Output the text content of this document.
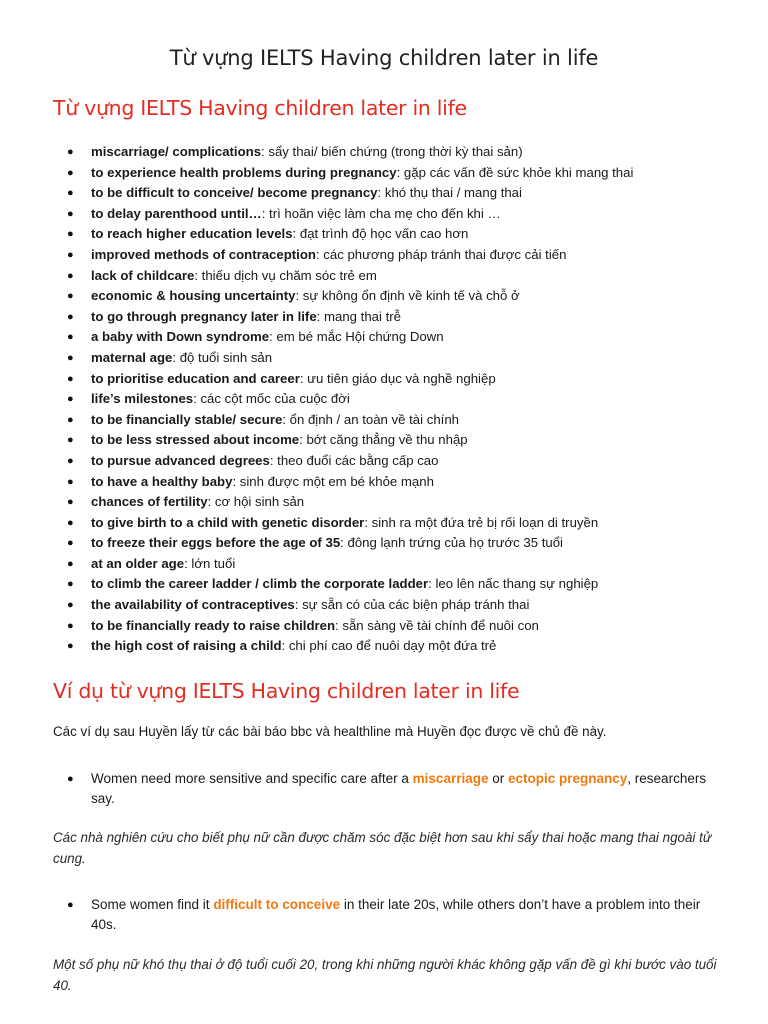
Từ vựng IELTS Having children later in life
Từ vựng IELTS Having children later in life
● miscarriage/ complications: sẩy thai/ biến chứng (trong thời kỳ thai sản)
● to experience health problems during pregnancy: gặp các vấn đề sức khỏe khi mang thai
● to be difficult to conceive/ become pregnancy: khó thụ thai / mang thai
● to delay parenthood until…: trì hoãn việc làm cha mẹ cho đến khi …
● to reach higher education levels: đạt trình độ học vấn cao hơn
● improved methods of contraception: các phương pháp tránh thai được cải tiến
● lack of childcare: thiếu dịch vụ chăm sóc trẻ em
● economic & housing uncertainty: sự không ổn định về kinh tế và chỗ ở
● to go through pregnancy later in life: mang thai trễ
● a baby with Down syndrome: em bé mắc Hội chứng Down
● maternal age: độ tuổi sinh sản
● to prioritise education and career: ưu tiên giáo dục và nghề nghiệp
● life’s milestones: các cột mốc của cuộc đời
● to be financially stable/ secure: ổn định / an toàn về tài chính
● to be less stressed about income: bớt căng thẳng về thu nhập
● to pursue advanced degrees: theo đuổi các bằng cấp cao
● to have a healthy baby: sinh được một em bé khỏe mạnh
● chances of fertility: cơ hội sinh sản
● to give birth to a child with genetic disorder: sinh ra một đứa trẻ bị rối loạn di truyền
● to freeze their eggs before the age of 35: đông lạnh trứng của họ trước 35 tuổi
● at an older age: lớn tuổi
● to climb the career ladder / climb the corporate ladder: leo lên nấc thang sự nghiệp
● the availability of contraceptives: sự sẵn có của các biện pháp tránh thai
● to be financially ready to raise children: sẵn sàng về tài chính để nuôi con
● the high cost of raising a child: chi phí cao để nuôi dạy một đứa trẻ
Ví dụ từ vựng IELTS Having children later in life
Các ví dụ sau Huyền lấy từ các bài báo bbc và healthline mà Huyền đọc được về chủ đề này.
● Women need more sensitive and specific care after a miscarriage or ectopic pregnancy, researchers say.
Các nhà nghiên cứu cho biết phụ nữ cần được chăm sóc đặc biệt hơn sau khi sẩy thai hoặc mang thai ngoài tử cung.
● Some women find it difficult to conceive in their late 20s, while others don’t have a problem into their 40s.
Một số phụ nữ khó thụ thai ở độ tuổi cuối 20, trong khi những người khác không gặp vấn đề gì khi bước vào tuổi 40.
